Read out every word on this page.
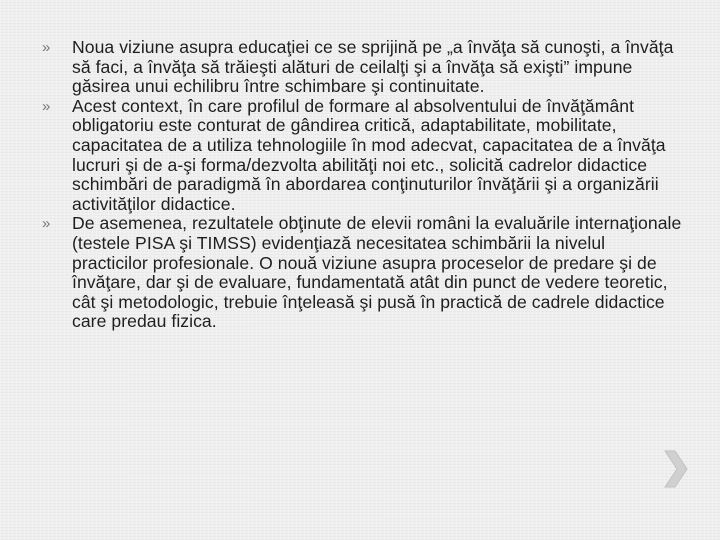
» Noua viziune asupra educaţiei ce se sprijină pe „a învăţa să cunoşti, a învăţa să faci, a învăţa să trăieşti alături de ceilalţi şi a învăţa să exişti” impune găsirea unui echilibru între schimbare şi continuitate.
» Acest context, în care profilul de formare al absolventului de învăţământ obligatoriu este conturat de gândirea critică, adaptabilitate, mobilitate, capacitatea de a utiliza tehnologiile în mod adecvat, capacitatea de a învăţa lucruri şi de a-şi forma/dezvolta abilităţi noi etc., solicită cadrelor didactice schimbări de paradigmă în abordarea conţinuturilor învăţării şi a organizării activităţilor didactice.
» De asemenea, rezultatele obţinute de elevii români la evaluările internaţionale (testele PISA şi TIMSS) evidenţiază necesitatea schimbării la nivelul practicilor profesionale. O nouă viziune asupra proceselor de predare şi de învăţare, dar şi de evaluare, fundamentată atât din punct de vedere teoretic, cât şi metodologic, trebuie înţeleasă şi pusă în practică de cadrele didactice care predau fizica.
